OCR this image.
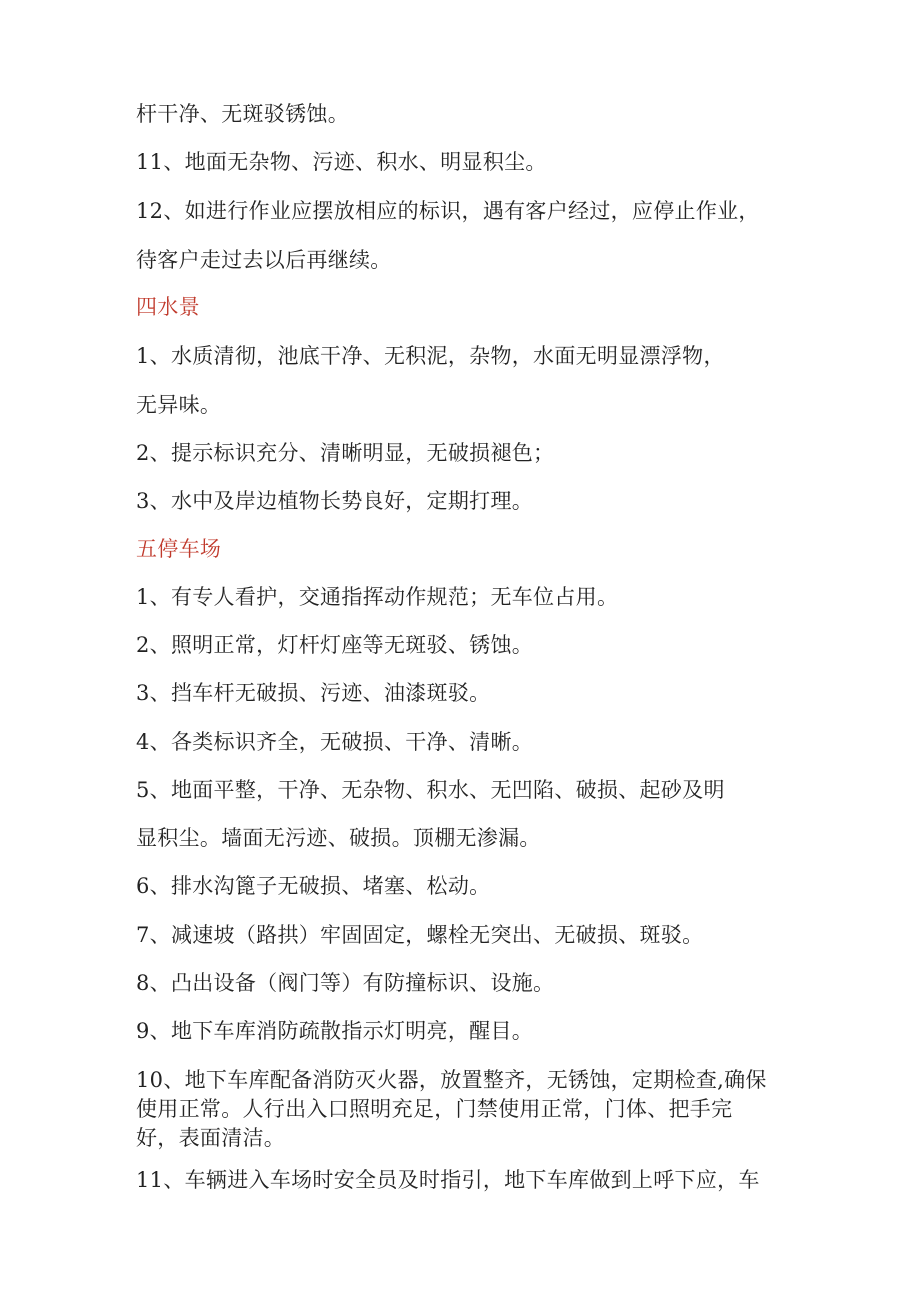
杆干净、无斑驳锈蚀。
11、地面无杂物、污迹、积水、明显积尘。
12、如进行作业应摆放相应的标识，遇有客户经过，应停止作业，
待客户走过去以后再继续。
四水景
1、水质清彻，池底干净、无积泥，杂物，水面无明显漂浮物，
无异味。
2、提示标识充分、清晰明显，无破损褪色；
3、水中及岸边植物长势良好，定期打理。
五停车场
1、有专人看护，交通指挥动作规范；无车位占用。
2、照明正常，灯杆灯座等无斑驳、锈蚀。
3、挡车杆无破损、污迹、油漆斑驳。
4、各类标识齐全，无破损、干净、清晰。
5、地面平整，干净、无杂物、积水、无凹陷、破损、起砂及明
显积尘。墙面无污迹、破损。顶棚无渗漏。
6、排水沟篦子无破损、堵塞、松动。
7、减速坡（路拱）牢固固定，螺栓无突出、无破损、斑驳。
8、凸出设备（阀门等）有防撞标识、设施。
9、地下车库消防疏散指示灯明亮，醒目。
10、地下车库配备消防灭火器，放置整齐，无锈蚀，定期检查,确保
使用正常。人行出入口照明充足，门禁使用正常，门体、把手完
好，表面清洁。
11、车辆进入车场时安全员及时指引，地下车库做到上呼下应，车
